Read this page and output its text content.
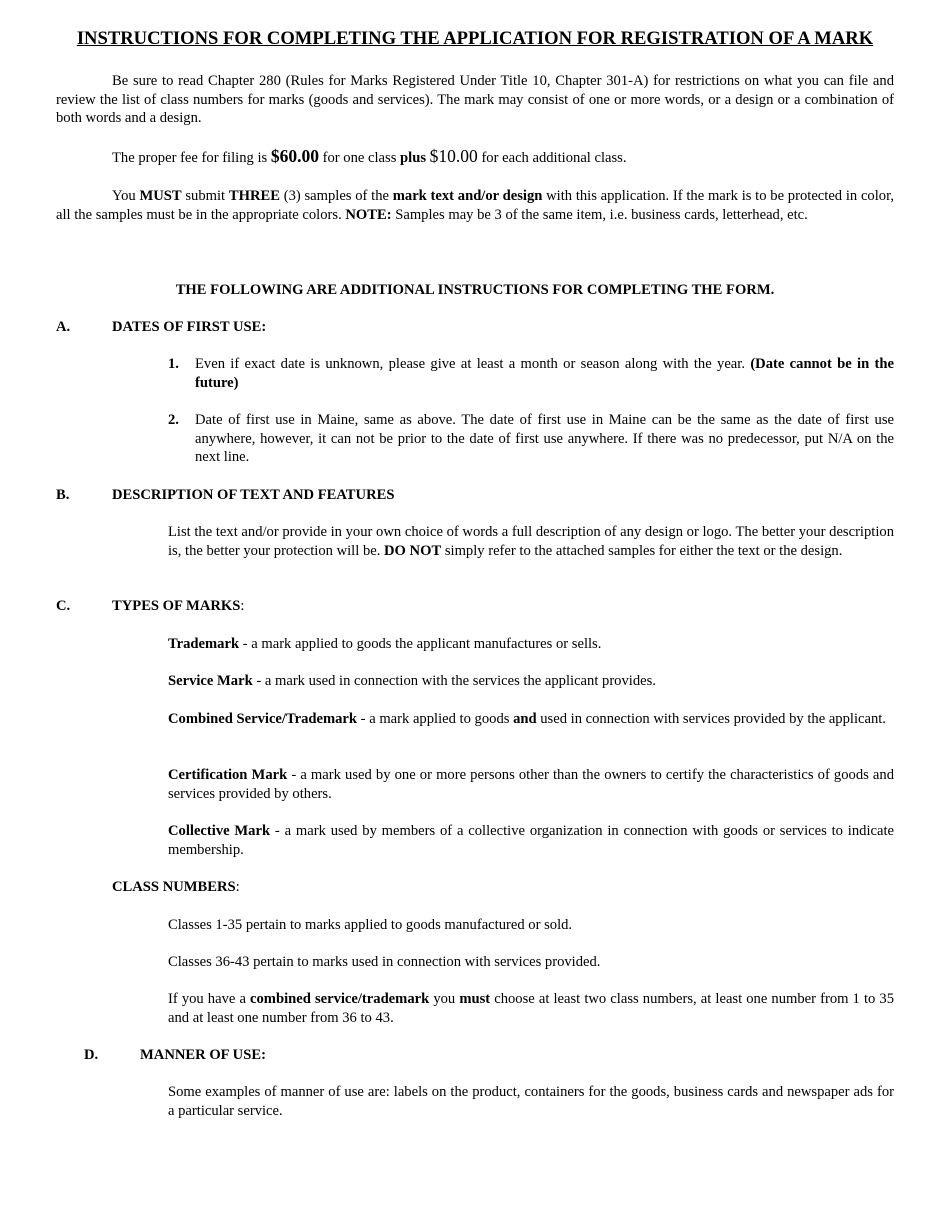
INSTRUCTIONS FOR COMPLETING THE APPLICATION FOR REGISTRATION OF A MARK

Be sure to read Chapter 280 (Rules for Marks Registered Under Title 10, Chapter 301-A) for restrictions on what you can file and review the list of class numbers for marks (goods and services). The mark may consist of one or more words, or a design or a combination of both words and a design.

The proper fee for filing is $60.00 for one class plus $10.00 for each additional class.

You MUST submit THREE (3) samples of the mark text and/or design with this application. If the mark is to be protected in color, all the samples must be in the appropriate colors. NOTE: Samples may be 3 of the same item, i.e. business cards, letterhead, etc.

THE FOLLOWING ARE ADDITIONAL INSTRUCTIONS FOR COMPLETING THE FORM.

A.	DATES OF FIRST USE:
1. Even if exact date is unknown, please give at least a month or season along with the year. (Date cannot be in the future)
2. Date of first use in Maine, same as above. The date of first use in Maine can be the same as the date of first use anywhere, however, it can not be prior to the date of first use anywhere. If there was no predecessor, put N/A on the next line.
B.	DESCRIPTION OF TEXT AND FEATURES

List the text and/or provide in your own choice of words a full description of any design or logo. The better your description is, the better your protection will be. DO NOT simply refer to the attached samples for either the text or the design.

C.	TYPES OF MARKS:

Trademark - a mark applied to goods the applicant manufactures or sells.

Service Mark - a mark used in connection with the services the applicant provides.

Combined Service/Trademark - a mark applied to goods and used in connection with services provided by the applicant.

Certification Mark - a mark used by one or more persons other than the owners to certify the characteristics of goods and services provided by others.

Collective Mark - a mark used by members of a collective organization in connection with goods or services to indicate membership.

CLASS NUMBERS:

Classes 1-35 pertain to marks applied to goods manufactured or sold.

Classes 36-43 pertain to marks used in connection with services provided.

If you have a combined service/trademark you must choose at least two class numbers, at least one number from 1 to 35 and at least one number from 36 to 43.

D.	MANNER OF USE:

Some examples of manner of use are: labels on the product, containers for the goods, business cards and newspaper ads for a particular service.
